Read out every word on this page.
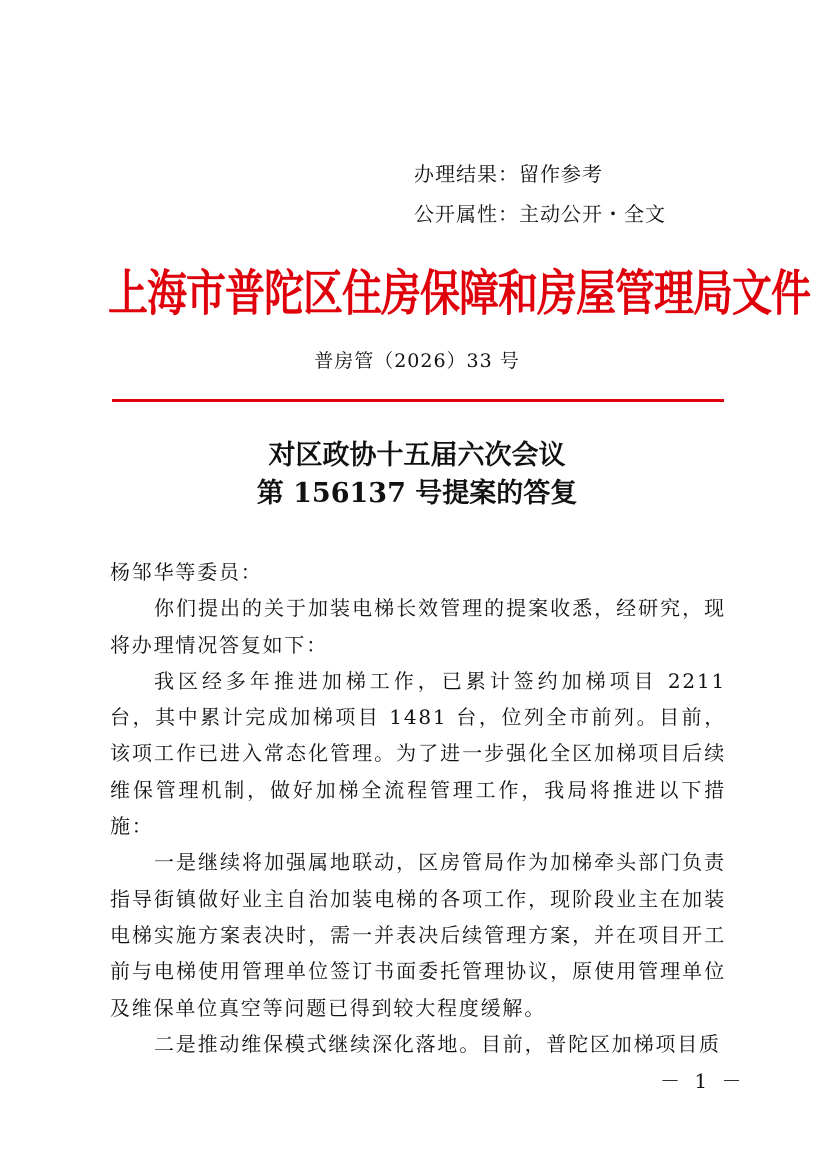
办理结果：留作参考
公开属性：主动公开・全文
上海市普陀区住房保障和房屋管理局文件
普房管（2026）33 号
对区政协十五届六次会议
第 156137 号提案的答复

杨邹华等委员：

你们提出的关于加装电梯长效管理的提案收悉，经研究，现将办理情况答复如下：

我区经多年推进加梯工作，已累计签约加梯项目 2211 台，其中累计完成加梯项目 1481 台，位列全市前列。目前，该项工作已进入常态化管理。为了进一步强化全区加梯项目后续维保管理机制，做好加梯全流程管理工作，我局将推进以下措施：

一是继续将加强属地联动，区房管局作为加梯牵头部门负责指导街镇做好业主自治加装电梯的各项工作，现阶段业主在加装电梯实施方案表决时，需一并表决后续管理方案，并在项目开工前与电梯使用管理单位签订书面委托管理协议，原使用管理单位及维保单位真空等问题已得到较大程度缓解。

二是推动维保模式继续深化落地。目前，普陀区加梯项目质

－ 1 －
